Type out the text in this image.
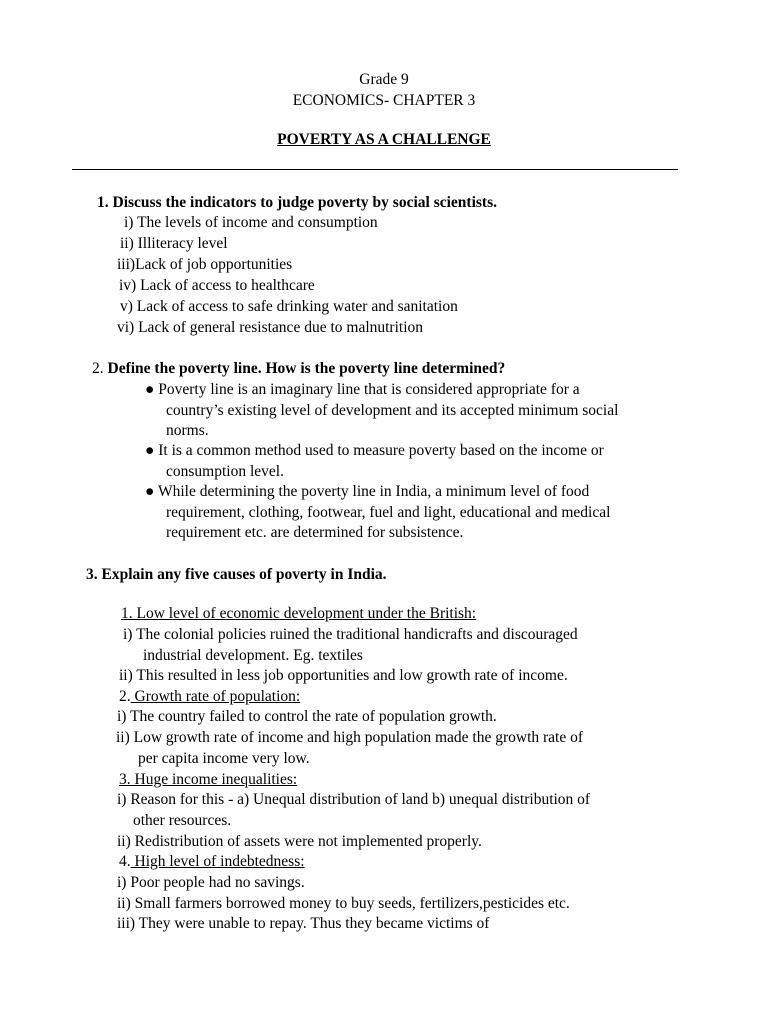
Grade 9
ECONOMICS- CHAPTER 3
POVERTY AS A CHALLENGE
1. Discuss the indicators to judge poverty by social scientists.
i) The levels of income and consumption
ii) Illiteracy level
iii)Lack of job opportunities
iv) Lack of access to healthcare
v) Lack of access to safe drinking water and sanitation
vi) Lack of general resistance due to malnutrition
2. Define the poverty line. How is the poverty line determined?
● Poverty line is an imaginary line that is considered appropriate for a
country’s existing level of development and its accepted minimum social
norms.
● It is a common method used to measure poverty based on the income or
consumption level.
● While determining the poverty line in India, a minimum level of food
requirement, clothing, footwear, fuel and light, educational and medical
requirement etc. are determined for subsistence.
3. Explain any five causes of poverty in India.
1. Low level of economic development under the British:
i) The colonial policies ruined the traditional handicrafts and discouraged
industrial development. Eg. textiles
ii) This resulted in less job opportunities and low growth rate of income.
2. Growth rate of population:
i) The country failed to control the rate of population growth.
ii) Low growth rate of income and high population made the growth rate of
per capita income very low.
3. Huge income inequalities:
i) Reason for this - a) Unequal distribution of land b) unequal distribution of
other resources.
ii) Redistribution of assets were not implemented properly.
4. High level of indebtedness:
i) Poor people had no savings.
ii) Small farmers borrowed money to buy seeds, fertilizers,pesticides etc.
iii) They were unable to repay. Thus they became victims of
